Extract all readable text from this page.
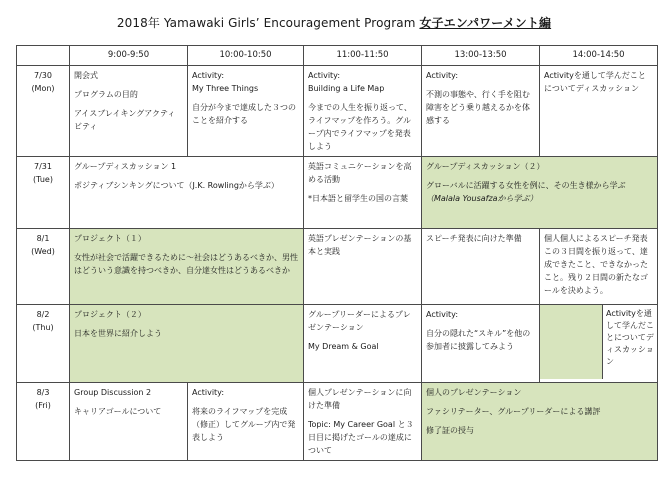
2018年 Yamawaki Girls’ Encouragement Program 女子エンパワーメント編
	9:00-9:50	10:00-10:50	11:00-11:50	13:00-13:50	14:00-14:50
7/30
(Mon)	開会式
プログラムの目的
アイスブレイキングアクティビティ	Activity:
My Three Things
自分が今まで達成した３つのことを紹介する	Activity:
Building a Life Map
今までの人生を振り返って、ライフマップを作ろう。グループ内でライフマップを発表しよう	Activity:

不測の事態や、行く手を阻む障害をどう乗り越えるかを体感する	Activityを通して学んだことについてディスカッション
7/31
(Tue)	グループディスカッション 1
ポジティブシンキングについて（J.K. Rowlingから学ぶ）		英語コミュニケーションを高める活動
*日本語と留学生の国の言葉	グループディスカッション（２）
グローバルに活躍する女性を例に、その生き様から学ぶ
（Malala Yousafzaから学ぶ）	
8/1
(Wed)	プロジェクト（１）
女性が社会で活躍できるために～社会はどうあるべきか、男性はどういう意識を持つべきか、自分達女性はどうあるべきか		英語プレゼンテーションの基本と実践	スピーチ発表に向けた準備	個人個人によるスピーチ発表
この３日間を振り返って、達成できたこと、できなかったこと。残り２日間の新たなゴールを決めよう。
8/2
(Thu)	プロジェクト（２）
日本を世界に紹介しよう		グループリーダーによるプレゼンテーション
My Dream & Goal	Activity:
自分の隠れた“スキル”を他の参加者に披露してみよう	Activityを通して学んだことについてディスカッション

8/3
(Fri)	Group Discussion 2
キャリアゴールについて	Activity:
将来のライフマップを完成（修正）してグループ内で発表しよう	個人プレゼンテーションに向けた準備
Topic: My Career Goal と３日目に掲げたゴールの達成について	個人のプレゼンテーション
ファシリテーター、グループリーダーによる講評
修了証の授与	
